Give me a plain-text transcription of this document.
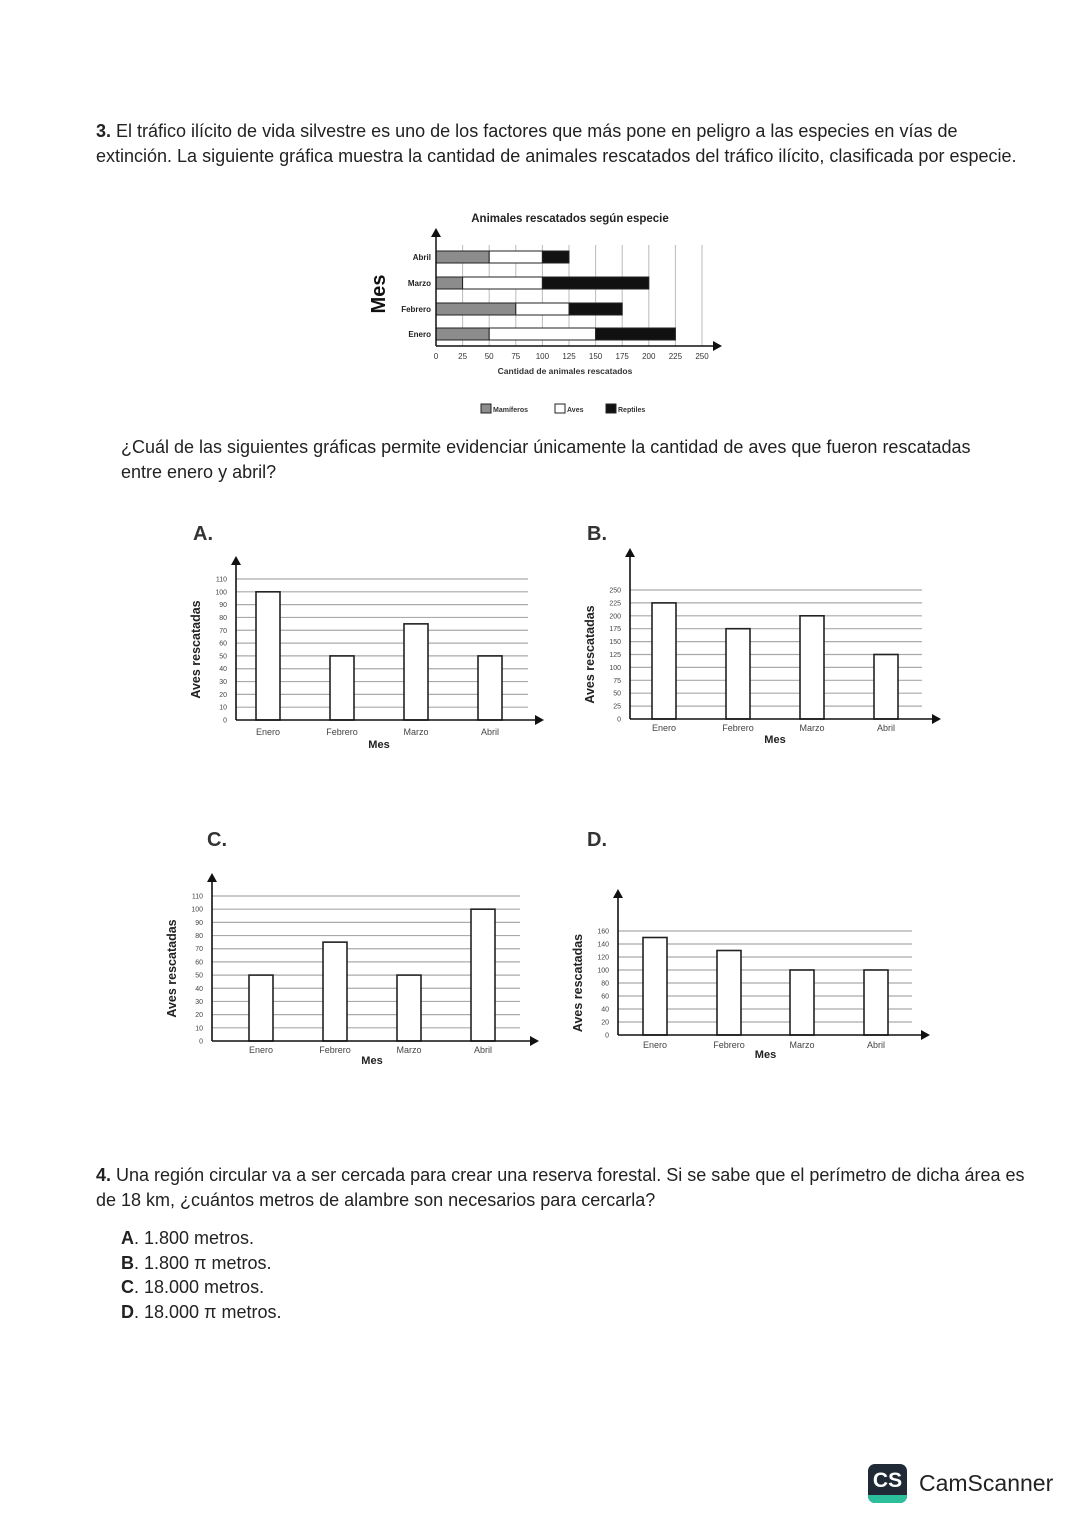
3. El tráfico ilícito de vida silvestre es uno de los factores que más pone en peligro a las especies en vías de extinción. La siguiente gráfica muestra la cantidad de animales rescatados del tráfico ilícito, clasificada por especie.

¿Cuál de las siguientes gráficas permite evidenciar únicamente la cantidad de aves que fueron rescatadas entre enero y abril?

A.	B.
C.	D.
Animales rescatados según especie
0 25 50 75 100 125 150 175 200 225 250
Enero
Febrero
Marzo
Abril
Cantidad de animales rescatados
Mes
Mamíferos	Aves	Reptiles
0
10
20
30
40
50
60
70
80
90
100
110
Enero	Febrero	Marzo	Abril
Mes
Aves rescatadas
0
25
50
75
100
125
150
175
200
225
250
Enero	Febrero	Marzo	Abril
Mes
Aves rescatadas
0
10
20
30
40
50
60
70
80
90
100
110
Enero	Febrero	Marzo	Abril
Mes
Aves rescatadas
0
20
40
60
80
100
120
140
160
Enero	Febrero	Marzo	Abril
Mes
Aves rescatadas

4. Una región circular va a ser cercada para crear una reserva forestal. Si se sabe que el perímetro de dicha área es de 18 km, ¿cuántos metros de alambre son necesarios para cercarla?

A. 1.800 metros.
B. 1.800 π metros.
C. 18.000 metros.
D. 18.000 π metros.
CS CamScanner
